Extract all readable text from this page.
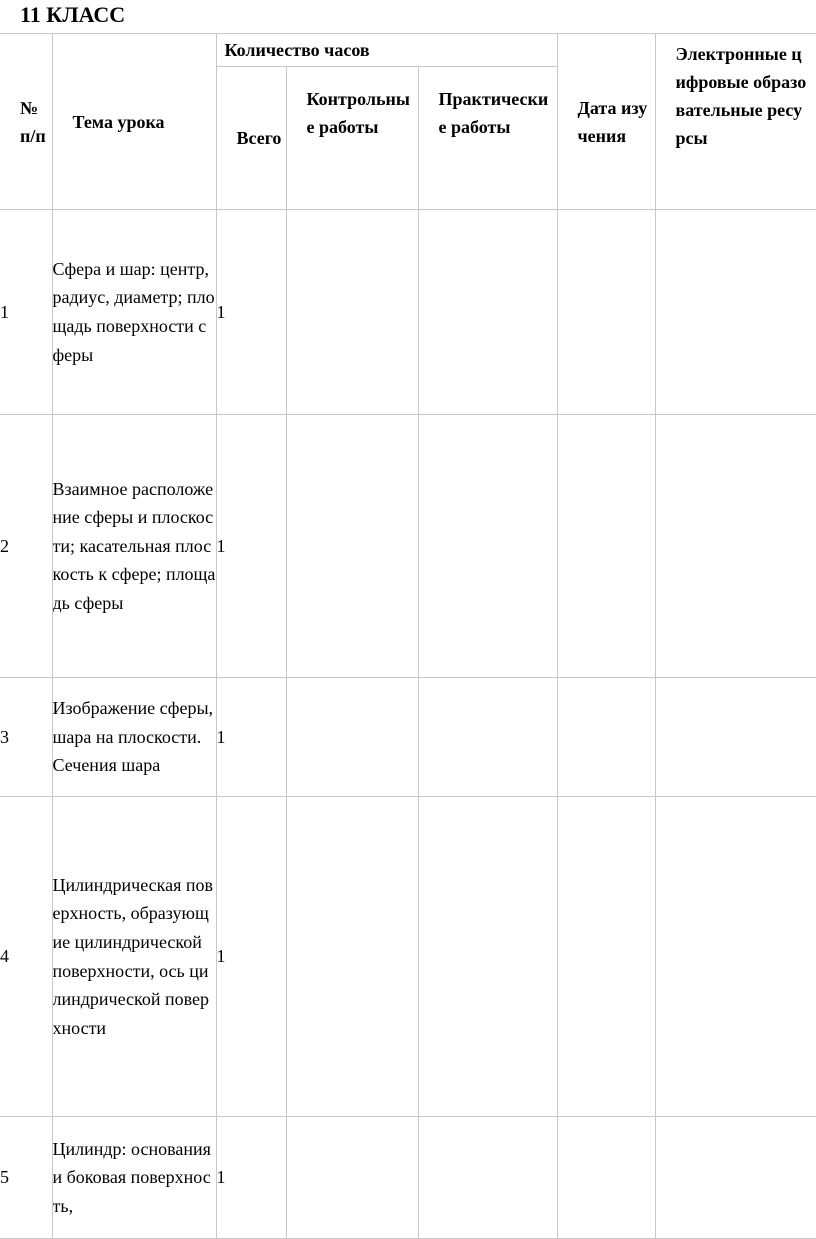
11 КЛАСС
№ п/п	Тема урока	Количество часов			Дата изучения	Электронные цифровые образовательные ресурсы
		Всего	Контрольные работы	Практические работы		
1	Сфера и шар: центр, радиус, диаметр; площадь поверхности сферы	1				
2	Взаимное расположение сферы и плоскости; касательная плоскость к сфере; площадь сферы	1				
3	Изображение сферы, шара на плоскости. Сечения шара	1				
4	Цилиндрическая поверхность, образующие цилиндрической поверхности, ось цилиндрической поверхности	1				
5	Цилиндр: основания и боковая поверхность,	1				
